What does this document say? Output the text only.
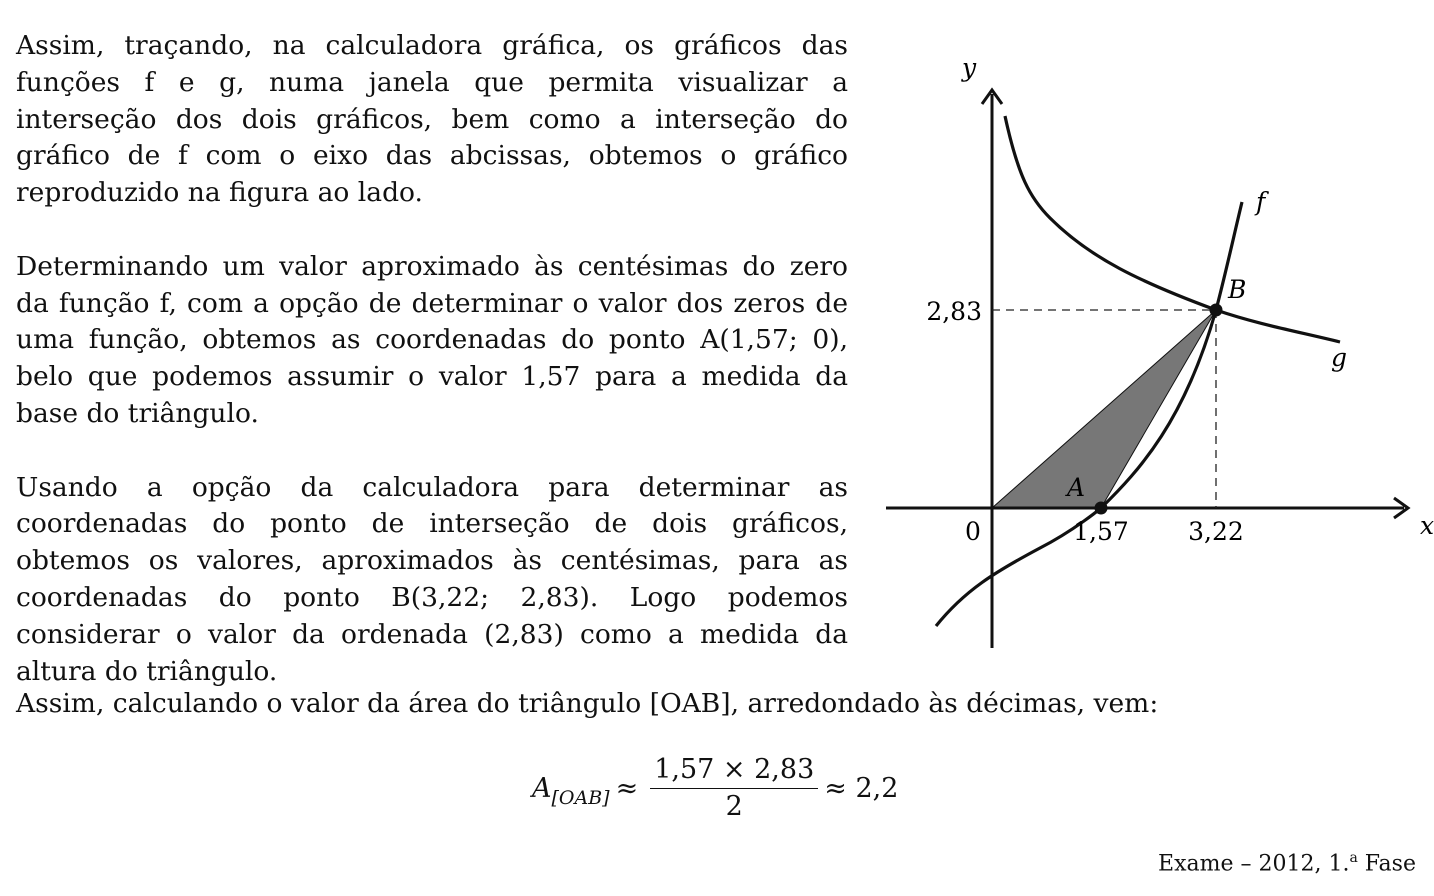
Assim, traçando, na calculadora gráfica, os gráficos das funções f e g, numa janela que permita visualizar a interseção dos dois gráficos, bem como a interseção do gráfico de f com o eixo das abcissas, obtemos o gráfico reproduzido na figura ao lado.

Determinando um valor aproximado às centésimas do zero da função f, com a opção de determinar o valor dos zeros de uma função, obtemos as coordenadas do ponto A(1,57; 0), belo que podemos assumir o valor 1,57 para a medida da base do triângulo.

Usando a opção da calculadora para determinar as coordenadas do ponto de interseção de dois gráficos, obtemos os valores, aproximados às centésimas, para as coordenadas do ponto B(3,22; 2,83). Logo podemos considerar o valor da ordenada (2,83) como a medida da altura do triângulo.

y
x
0
f
g
A
B
1,57 3,22
2,83
Assim, calculando o valor da área do triângulo [OAB], arredondado às décimas, vem:
A $[OAB] \approx \frac{1,57 \times 2,83}{2} \approx 2,2$
Exame – 2012, 1.$^a$ Fase
